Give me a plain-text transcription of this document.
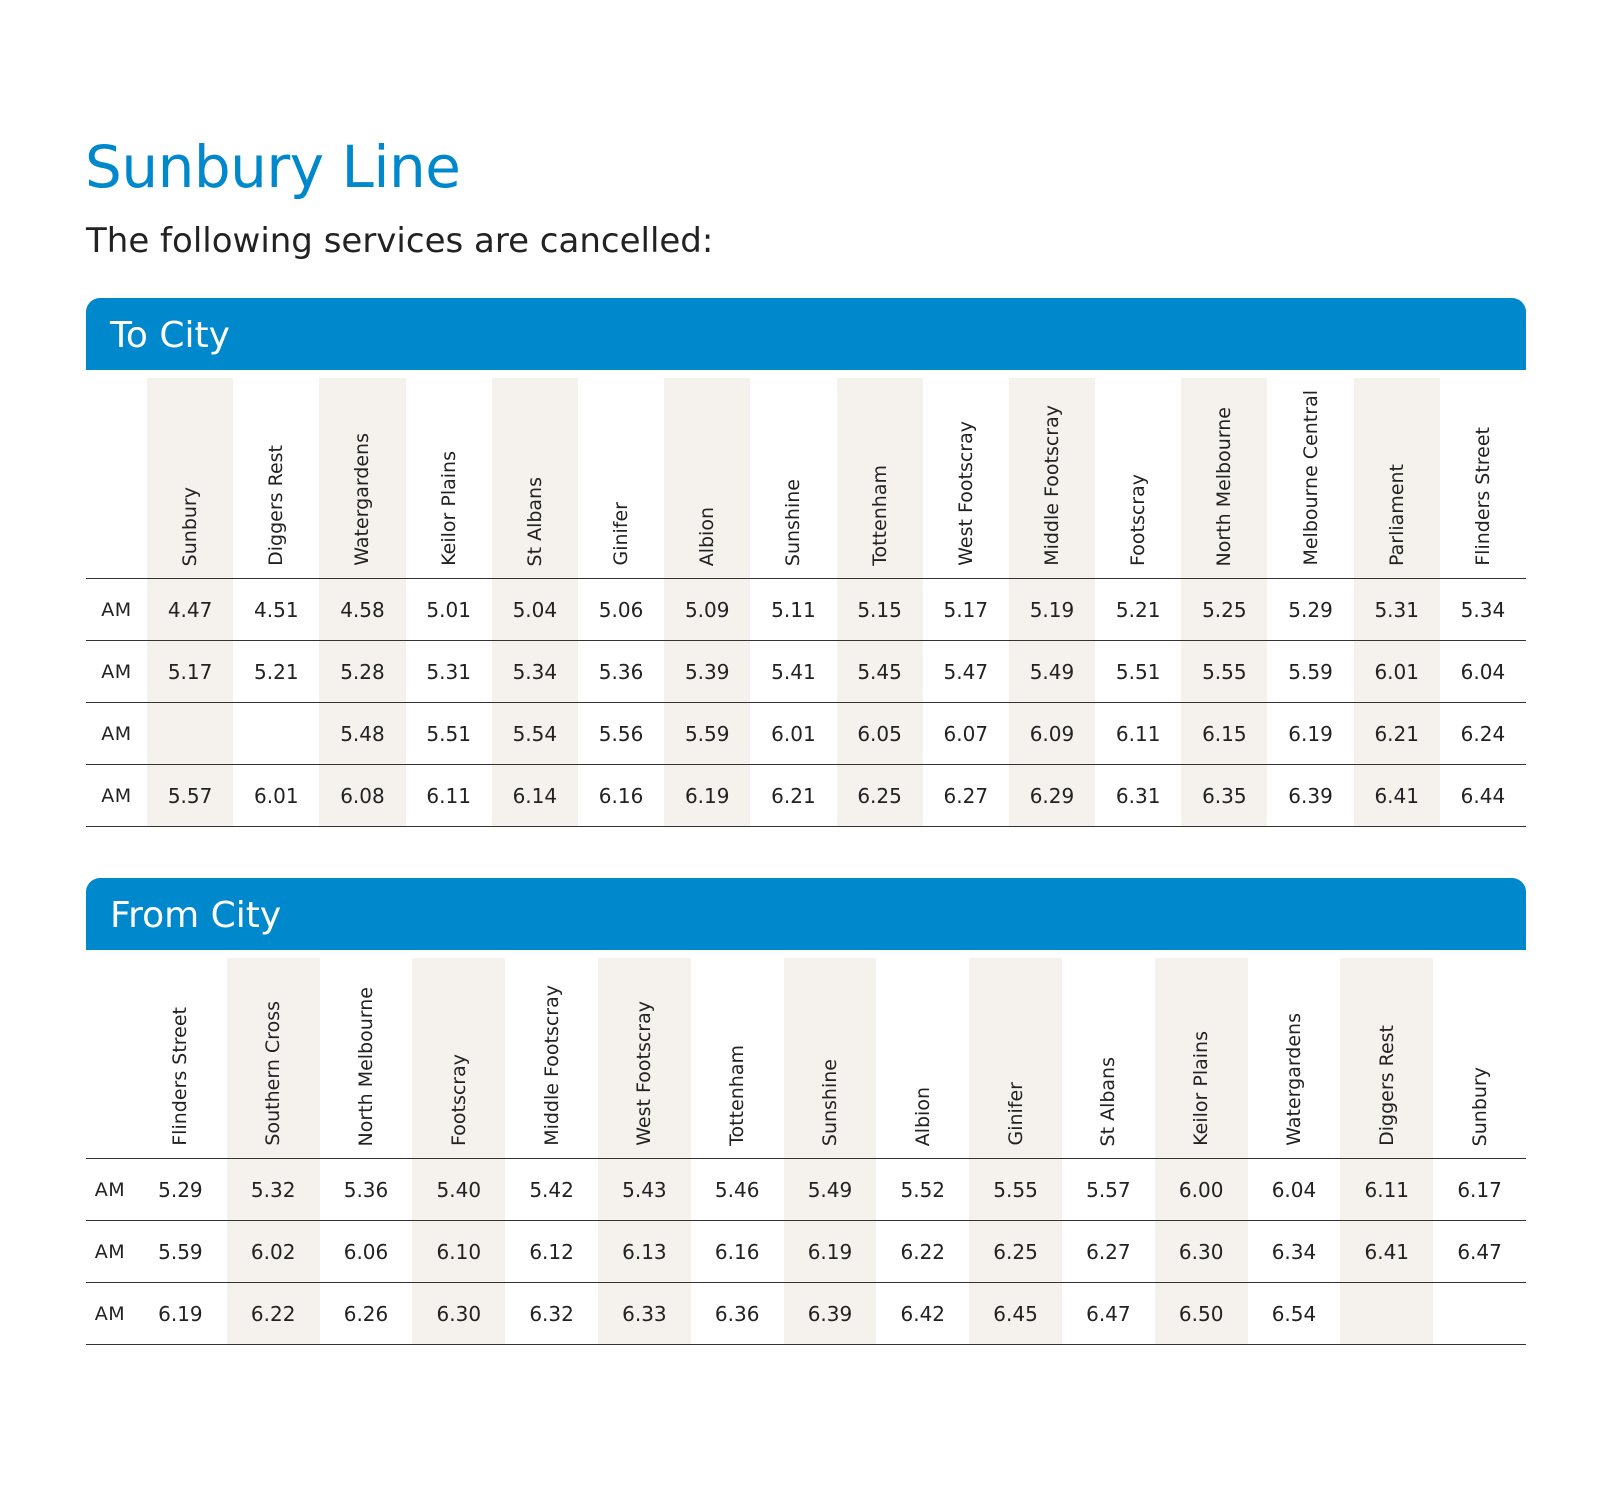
Sunbury Line

The following services are cancelled:

To City

	Sunbury	Diggers Rest	Watergardens	Keilor Plains	St Albans	Ginifer	Albion	Sunshine	Tottenham	West Footscray	Middle Footscray	Footscray	North Melbourne	Melbourne Central	Parliament	Flinders Street

AM	4.47	4.51	4.58	5.01	5.04	5.06	5.09	5.11	5.15	5.17	5.19	5.21	5.25	5.29	5.31	5.34
AM	5.17	5.21	5.28	5.31	5.34	5.36	5.39	5.41	5.45	5.47	5.49	5.51	5.55	5.59	6.01	6.04
AM			5.48	5.51	5.54	5.56	5.59	6.01	6.05	6.07	6.09	6.11	6.15	6.19	6.21	6.24
AM	5.57	6.01	6.08	6.11	6.14	6.16	6.19	6.21	6.25	6.27	6.29	6.31	6.35	6.39	6.41	6.44
From City

	Flinders Street	Southern Cross	North Melbourne	Footscray	Middle Footscray	West Footscray	Tottenham	Sunshine	Albion	Ginifer	St Albans	Keilor Plains	Watergardens	Diggers Rest	Sunbury

AM	5.29	5.32	5.36	5.40	5.42	5.43	5.46	5.49	5.52	5.55	5.57	6.00	6.04	6.11	6.17
AM	5.59	6.02	6.06	6.10	6.12	6.13	6.16	6.19	6.22	6.25	6.27	6.30	6.34	6.41	6.47
AM	6.19	6.22	6.26	6.30	6.32	6.33	6.36	6.39	6.42	6.45	6.47	6.50	6.54		
